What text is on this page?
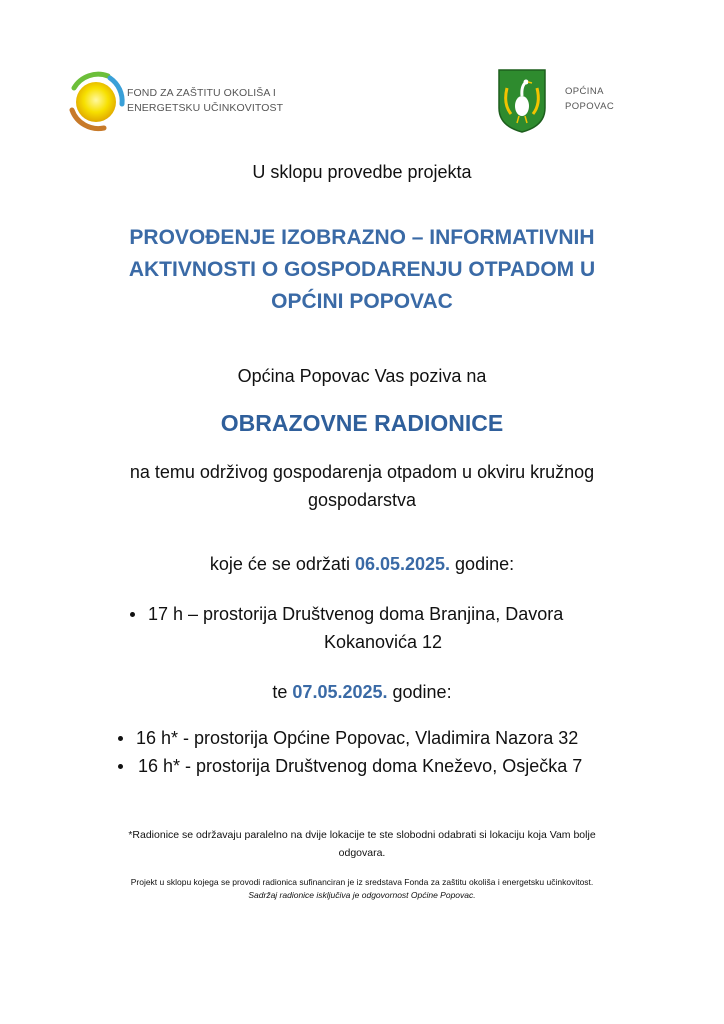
FOND ZA ZAŠTITU OKOLIŠA I
ENERGETSKU UČINKOVITOST
OPĆINA
POPOVAC
U sklopu provedbe projekta
PROVOĐENJE IZOBRAZNO – INFORMATIVNIH
AKTIVNOSTI O GOSPODARENJU OTPADOM U
OPĆINI POPOVAC
Općina Popovac Vas poziva na
OBRAZOVNE RADIONICE
na temu održivog gospodarenja otpadom u okviru kružnog
gospodarstva
koje će se održati 06.05.2025. godine:
17 h – prostorija Društvenog doma Branjina, Davora
Kokanovića 12
te 07.05.2025. godine:
16 h* - prostorija Općine Popovac, Vladimira Nazora 32
16 h* - prostorija Društvenog doma Kneževo, Osječka 7
*Radionice se održavaju paralelno na dvije lokacije te ste slobodni odabrati si lokaciju koja Vam bolje
odgovara.
Projekt u sklopu kojega se provodi radionica sufinanciran je iz sredstava Fonda za zaštitu okoliša i energetsku učinkovitost.
Sadržaj radionice isključiva je odgovornost Općine Popovac.
